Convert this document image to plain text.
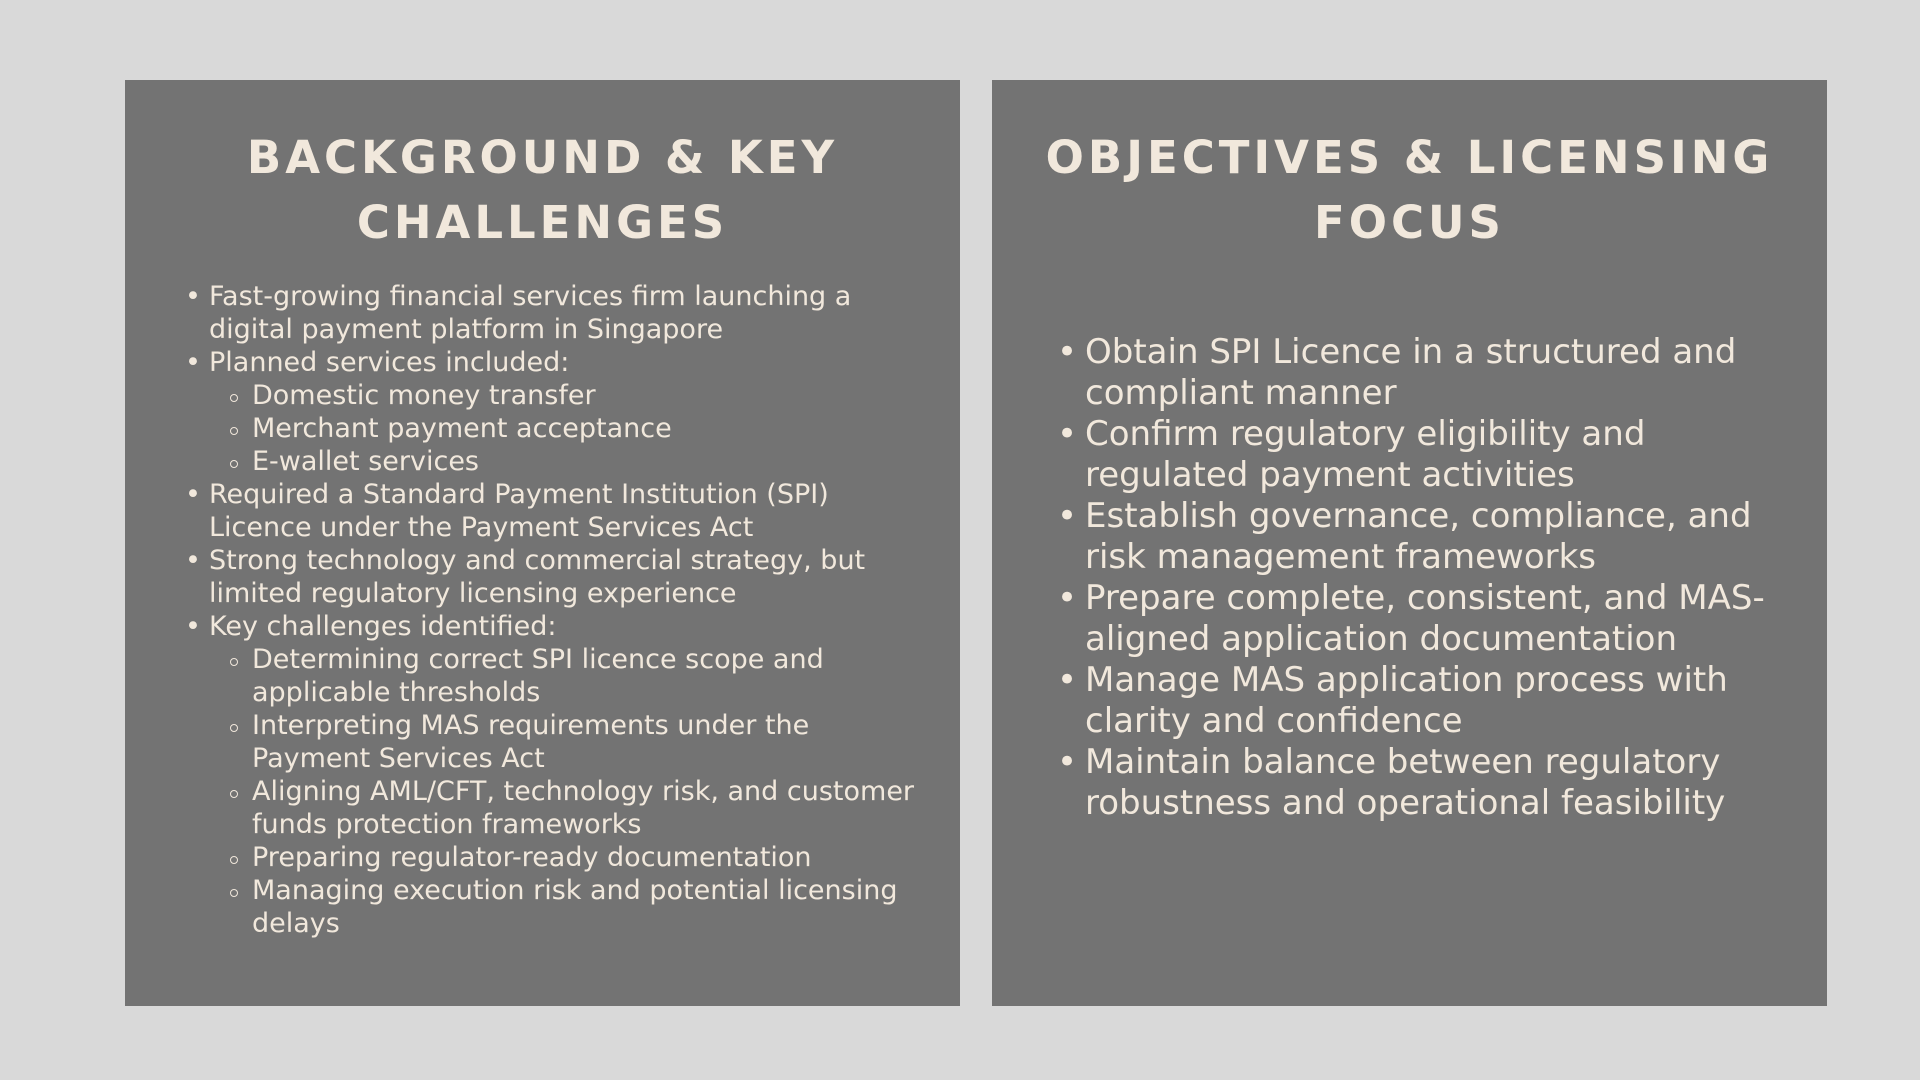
BACKGROUND & KEY CHALLENGES
• Fast-growing financial services firm launching a digital payment platform in Singapore
• Planned services included:
Domestic money transfer
Merchant payment acceptance
E-wallet services
• Required a Standard Payment Institution (SPI) Licence under the Payment Services Act
• Strong technology and commercial strategy, but limited regulatory licensing experience
• Key challenges identified:
Determining correct SPI licence scope and applicable thresholds
Interpreting MAS requirements under the Payment Services Act
Aligning AML/CFT, technology risk, and customer funds protection frameworks
Preparing regulator-ready documentation
Managing execution risk and potential licensing delays
OBJECTIVES & LICENSING FOCUS
• Obtain SPI Licence in a structured and compliant manner
• Confirm regulatory eligibility and regulated payment activities
• Establish governance, compliance, and risk management frameworks
• Prepare complete, consistent, and MAS-aligned application documentation
• Manage MAS application process with clarity and confidence
• Maintain balance between regulatory robustness and operational feasibility
